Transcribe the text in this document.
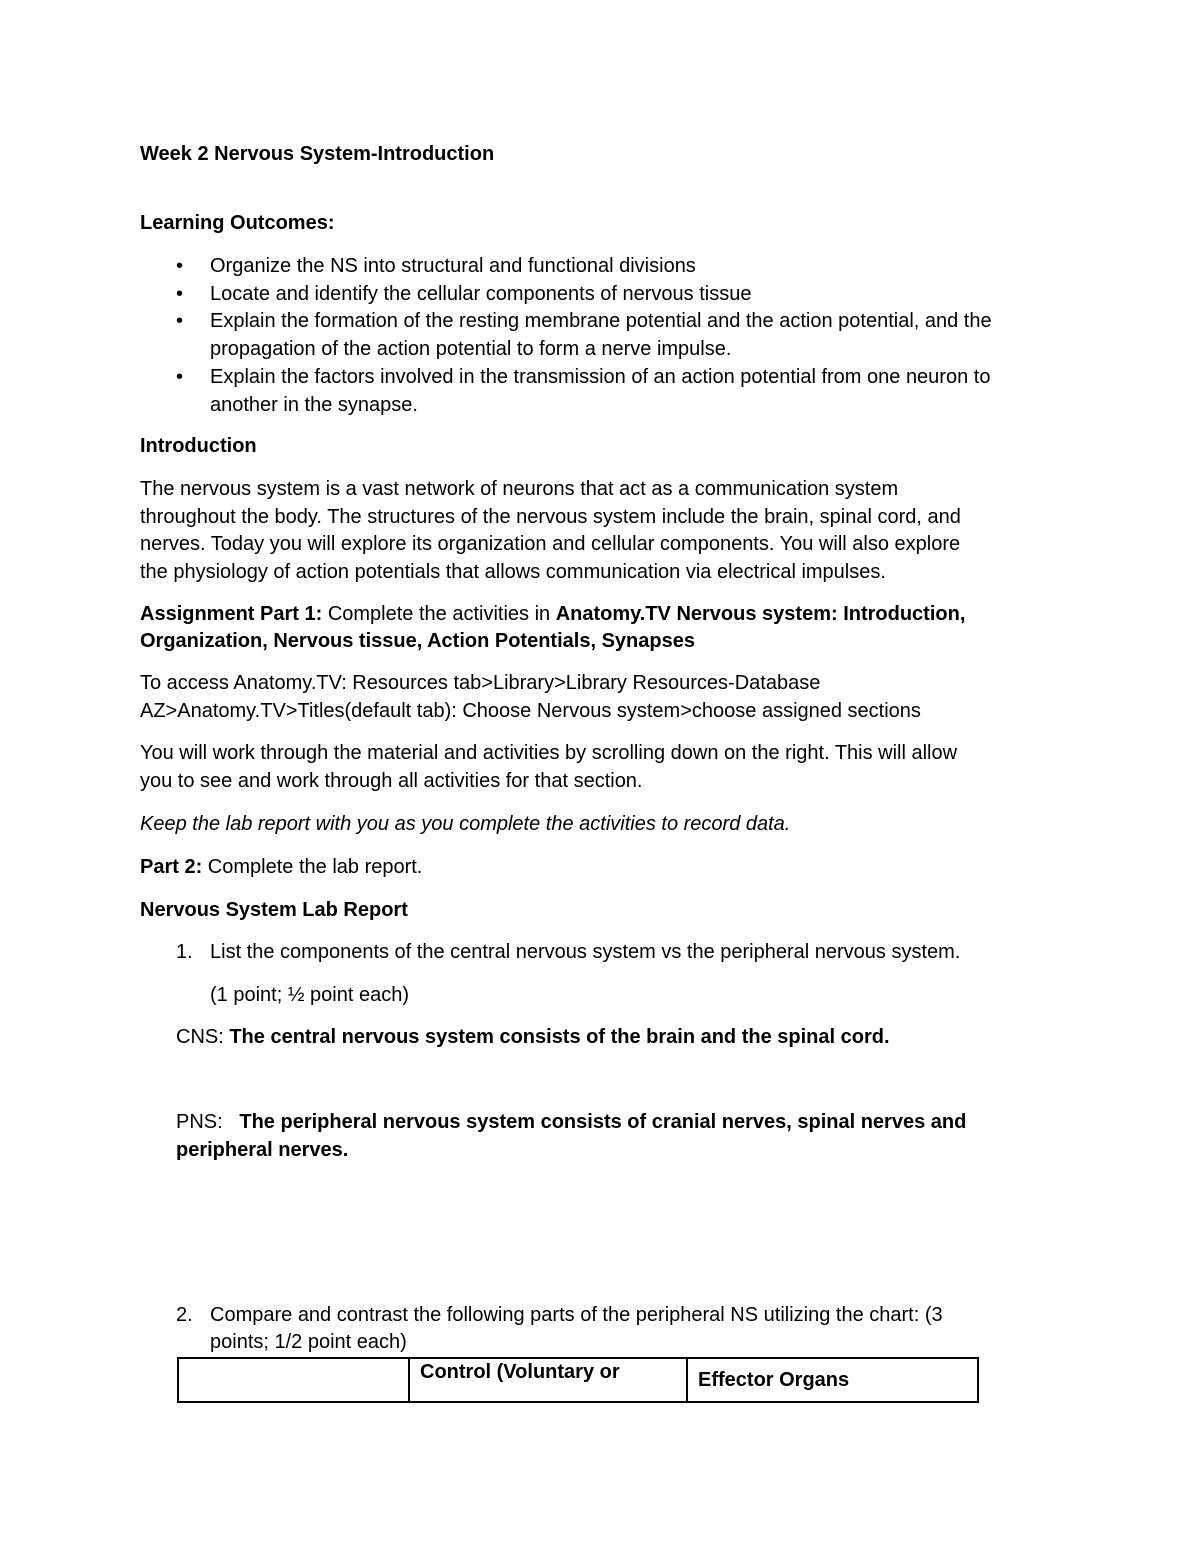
Week 2 Nervous System-Introduction
Learning Outcomes:
• Organize the NS into structural and functional divisions
• Locate and identify the cellular components of nervous tissue
• Explain the formation of the resting membrane potential and the action potential, and the
propagation of the action potential to form a nerve impulse.
• Explain the factors involved in the transmission of an action potential from one neuron to
another in the synapse.
Introduction
The nervous system is a vast network of neurons that act as a communication system
throughout the body. The structures of the nervous system include the brain, spinal cord, and
nerves. Today you will explore its organization and cellular components. You will also explore
the physiology of action potentials that allows communication via electrical impulses.
Assignment Part 1: Complete the activities in Anatomy.TV Nervous system: Introduction,
Organization, Nervous tissue, Action Potentials, Synapses
To access Anatomy.TV: Resources tab>Library>Library Resources-Database
AZ>Anatomy.TV>Titles(default tab): Choose Nervous system>choose assigned sections
You will work through the material and activities by scrolling down on the right. This will allow
you to see and work through all activities for that section.
Keep the lab report with you as you complete the activities to record data.
Part 2: Complete the lab report.
Nervous System Lab Report
1. List the components of the central nervous system vs the peripheral nervous system.
(1 point; ½ point each)
CNS: The central nervous system consists of the brain and the spinal cord.
PNS:   The peripheral nervous system consists of cranial nerves, spinal nerves and
peripheral nerves.
2. Compare and contrast the following parts of the peripheral NS utilizing the chart: (3
points; 1/2 point each)
	Control (Voluntary or	Effector Organs
